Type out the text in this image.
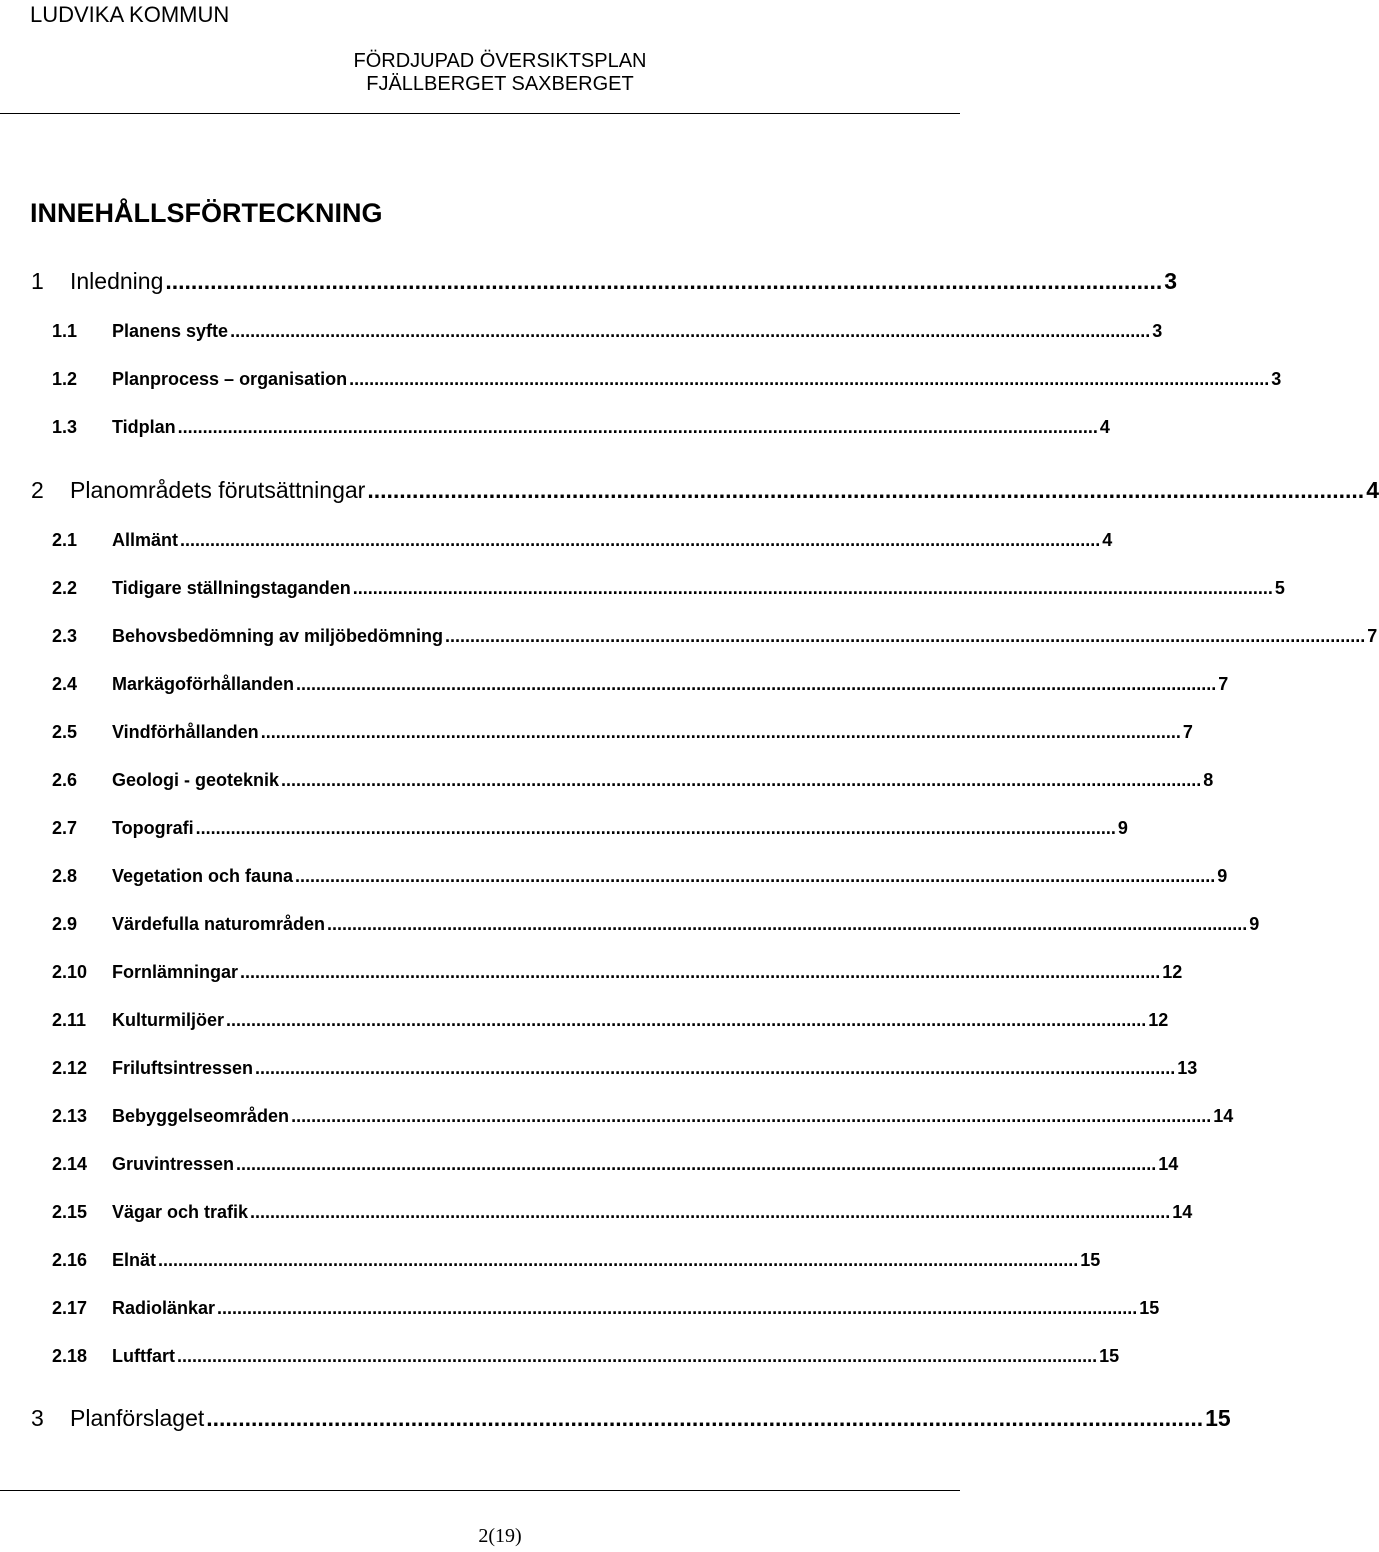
LUDVIKA KOMMUN
FÖRDJUPAD ÖVERSIKTSPLAN
FJÄLLBERGET SAXBERGET
INNEHÅLLSFÖRTECKNING
1	Inledning ............................................................................................................................................................ 3
1.1	Planens syfte ........................................................................................................................................................................................ 3
1.2	Planprocess – organisation ........................................................................................................................................................................................ 3
1.3	Tidplan ........................................................................................................................................................................................ 4
2	Planområdets förutsättningar ............................................................................................................................................................ 4
2.1	Allmänt ........................................................................................................................................................................................ 4
2.2	Tidigare ställningstaganden ........................................................................................................................................................................................ 5
2.3	Behovsbedömning av miljöbedömning ........................................................................................................................................................................................ 7
2.4	Markägoförhållanden ........................................................................................................................................................................................ 7
2.5	Vindförhållanden ........................................................................................................................................................................................ 7
2.6	Geologi - geoteknik ........................................................................................................................................................................................ 8
2.7	Topografi ........................................................................................................................................................................................ 9
2.8	Vegetation och fauna ........................................................................................................................................................................................ 9
2.9	Värdefulla naturområden ........................................................................................................................................................................................ 9
2.10	Fornlämningar ........................................................................................................................................................................................ 12
2.11	Kulturmiljöer ........................................................................................................................................................................................ 12
2.12	Friluftsintressen ........................................................................................................................................................................................ 13
2.13	Bebyggelseområden ........................................................................................................................................................................................ 14
2.14	Gruvintressen ........................................................................................................................................................................................ 14
2.15	Vägar och trafik ........................................................................................................................................................................................ 14
2.16	Elnät ........................................................................................................................................................................................ 15
2.17	Radiolänkar ........................................................................................................................................................................................ 15
2.18	Luftfart ........................................................................................................................................................................................ 15
3	Planförslaget ............................................................................................................................................................ 15
2(19)
